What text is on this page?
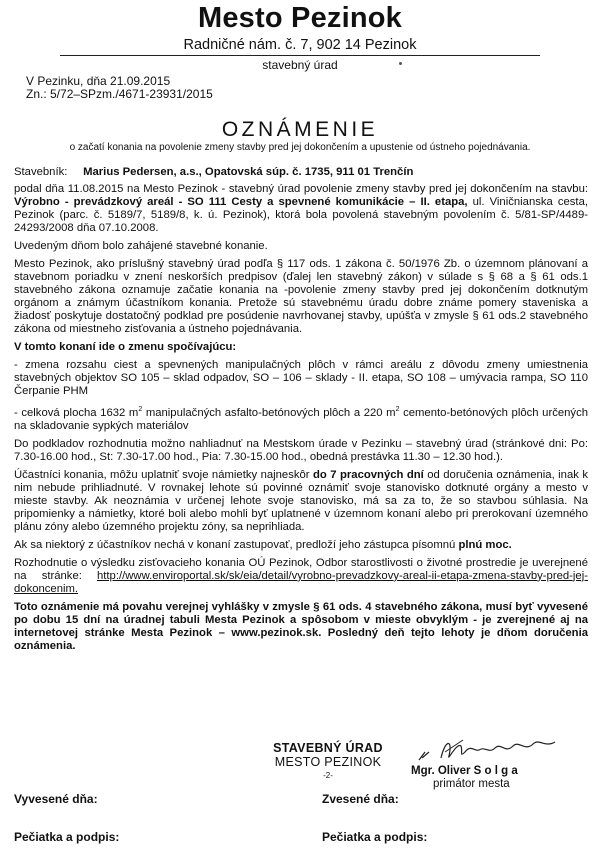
Mesto Pezinok
Radničné nám. č. 7, 902 14 Pezinok
stavebný úrad
V Pezinku, dňa 21.09.2015
Zn.: 5/72–SPzm./4671-23931/2015
OZNÁMENIE
o začatí konania na povolenie zmeny stavby pred jej dokončením a upustenie od ústneho pojednávania.

Stavebník: Marius Pedersen, a.s., Opatovská súp. č. 1735, 911 01 Trenčín

podal dňa 11.08.2015 na Mesto Pezinok - stavebný úrad povolenie zmeny stavby pred jej dokončením na stavbu: Výrobno - prevádzkový areál - SO 111 Cesty a spevnené komunikácie – II. etapa, ul. Viničnianska cesta, Pezinok (parc. č. 5189/7, 5189/8, k. ú. Pezinok), ktorá bola povolená stavebným povolením č. 5/81-SP/4489-24293/2008 dňa 07.10.2008.

Uvedeným dňom bolo zahájené stavebné konanie.

Mesto Pezinok, ako príslušný stavebný úrad podľa § 117 ods. 1 zákona č. 50/1976 Zb. o územnom plánovaní a stavebnom poriadku v znení neskorších predpisov (ďalej len stavebný zákon) v súlade s § 68 a § 61 ods.1 stavebného zákona oznamuje začatie konania na -povolenie zmeny stavby pred jej dokončením dotknutým orgánom a známym účastníkom konania. Pretože sú stavebnému úradu dobre známe pomery staveniska a žiadosť poskytuje dostatočný podklad pre posúdenie navrhovanej stavby, upúšťa v zmysle § 61 ods.2 stavebného zákona od miestneho zisťovania a ústneho pojednávania.

V tomto konaní ide o zmenu spočívajúcu:

- zmena rozsahu ciest a spevnených manipulačných plôch v rámci areálu z dôvodu zmeny umiestnenia stavebných objektov SO 105 – sklad odpadov, SO – 106 – sklady - II. etapa, SO 108 – umývacia rampa, SO 110 Čerpanie PHM

- celková plocha 1632 $m^2$ manipulačných asfalto-betónových plôch a 220 $m^2$ cemento-betónových plôch určených na skladovanie sypkých materiálov

Do podkladov rozhodnutia možno nahliadnuť na Mestskom úrade v Pezinku – stavebný úrad (stránkové dni: Po: 7.30-16.00 hod., St: 7.30-17.00 hod., Pia: 7.30-15.00 hod., obedná prestávka 11.30 – 12.30 hod.).

Účastníci konania, môžu uplatniť svoje námietky najneskôr do 7 pracovných dní od doručenia oznámenia, inak k nim nebude prihliadnuté. V rovnakej lehote sú povinné oznámiť svoje stanovisko dotknuté orgány a mesto v mieste stavby. Ak neoznámia v určenej lehote svoje stanovisko, má sa za to, že so stavbou súhlasia. Na pripomienky a námietky, ktoré boli alebo mohli byť uplatnené v územnom konaní alebo pri prerokovaní územného plánu zóny alebo územného projektu zóny, sa neprihliada.

Ak sa niektorý z účastníkov nechá v konaní zastupovať, predloží jeho zástupca písomnú plnú moc.

Rozhodnutie o výsledku zisťovacieho konania OÚ Pezinok, Odbor starostlivosti o životné prostredie je uverejnené na stránke: http://www.enviroportal.sk/sk/eia/detail/vyrobno-prevadzkovy-areal-ii-etapa-zmena-stavby-pred-jej-dokoncenim.

Toto oznámenie má povahu verejnej vyhlášky v zmysle § 61 ods. 4 stavebného zákona, musí byť vyvesené po dobu 15 dní na úradnej tabuli Mesta Pezinok a spôsobom v mieste obvyklým - je zverejnené aj na internetovej stránke Mesta Pezinok – www.pezinok.sk. Posledný deň tejto lehoty je dňom doručenia oznámenia.

STAVEBNÝ ÚRAD
MESTO PEZINOK
-2-	Mgr. Oliver S o l g a
primátor mesta
Vyvesené dňa:	Zvesené dňa:
Pečiatka a podpis:	Pečiatka a podpis:
